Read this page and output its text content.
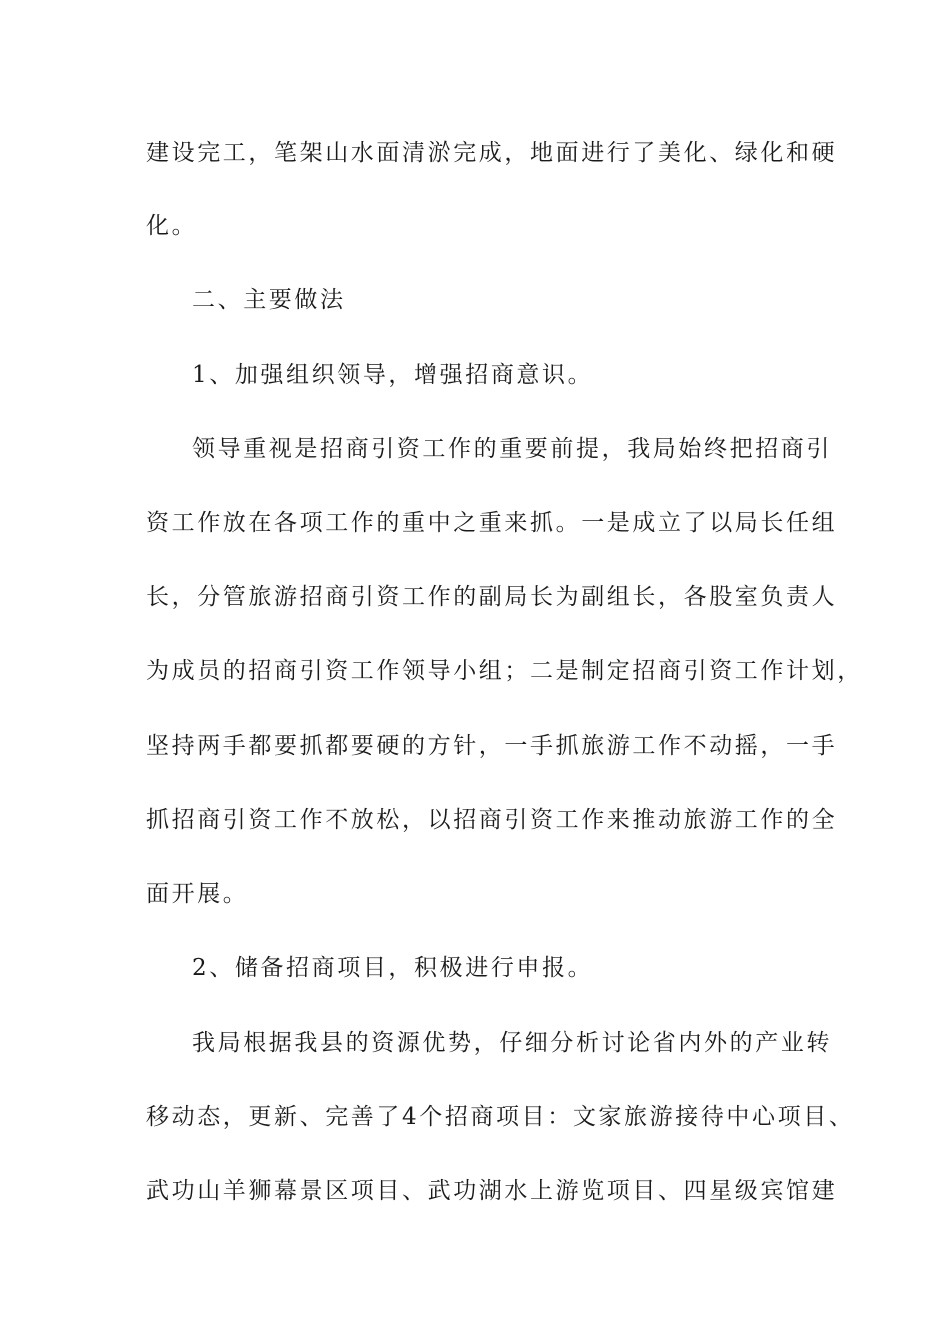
建设完工，笔架山水面清淤完成，地面进行了美化、绿化和硬
化。
二、主要做法
1、加强组织领导，增强招商意识。
领导重视是招商引资工作的重要前提，我局始终把招商引
资工作放在各项工作的重中之重来抓。一是成立了以局长任组
长，分管旅游招商引资工作的副局长为副组长，各股室负责人
为成员的招商引资工作领导小组；二是制定招商引资工作计划，
坚持两手都要抓都要硬的方针，一手抓旅游工作不动摇，一手
抓招商引资工作不放松，以招商引资工作来推动旅游工作的全
面开展。
2、储备招商项目，积极进行申报。
我局根据我县的资源优势，仔细分析讨论省内外的产业转
移动态，更新、完善了4个招商项目：文家旅游接待中心项目、
武功山羊狮幕景区项目、武功湖水上游览项目、四星级宾馆建
